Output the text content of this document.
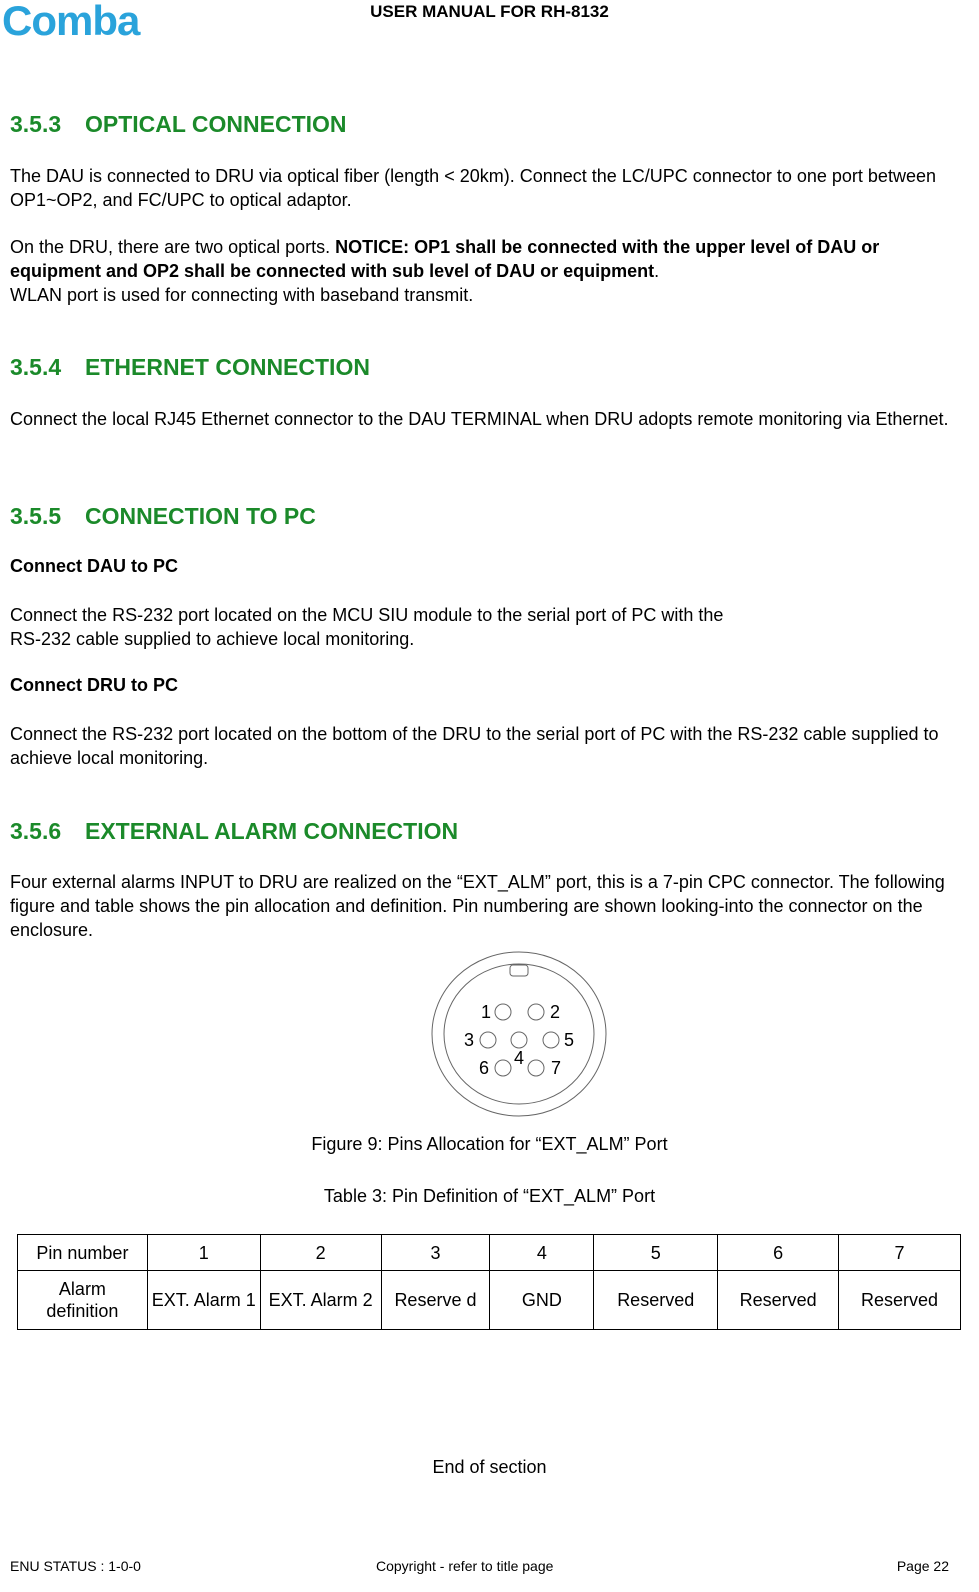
Comba	USER MANUAL FOR RH-8132
3.5.3 OPTICAL CONNECTION
The DAU is connected to DRU via optical fiber (length < 20km). Connect the LC/UPC connector to one port between OP1~OP2, and FC/UPC to optical adaptor.
On the DRU, there are two optical ports. NOTICE: OP1 shall be connected with the upper level of DAU or equipment and OP2 shall be connected with sub level of DAU or equipment.
WLAN port is used for connecting with baseband transmit.
3.5.4 ETHERNET CONNECTION
Connect the local RJ45 Ethernet connector to the DAU TERMINAL when DRU adopts remote monitoring via Ethernet.
3.5.5 CONNECTION TO PC
Connect DAU to PC
Connect the RS-232 port located on the MCU SIU module to the serial port of PC with the
RS-232 cable supplied to achieve local monitoring.
Connect DRU to PC
Connect the RS-232 port located on the bottom of the DRU to the serial port of PC with the RS-232 cable supplied to achieve local monitoring.
3.5.6 EXTERNAL ALARM CONNECTION
Four external alarms INPUT to DRU are realized on the “EXT_ALM” port, this is a 7-pin CPC connector. The following figure and table shows the pin allocation and definition. Pin numbering are shown looking-into the connector on the enclosure.
1	2
3
4
5
6	7
Figure 9: Pins Allocation for “EXT_ALM” Port
Table 3: Pin Definition of “EXT_ALM” Port
Pin number	1	2	3	4	5	6	7
Alarm definition	EXT. Alarm 1	EXT. Alarm 2	Reserve d	GND	Reserved	Reserved	Reserved
End of section
ENU STATUS : 1-0-0	Copyright - refer to title page	Page 22
